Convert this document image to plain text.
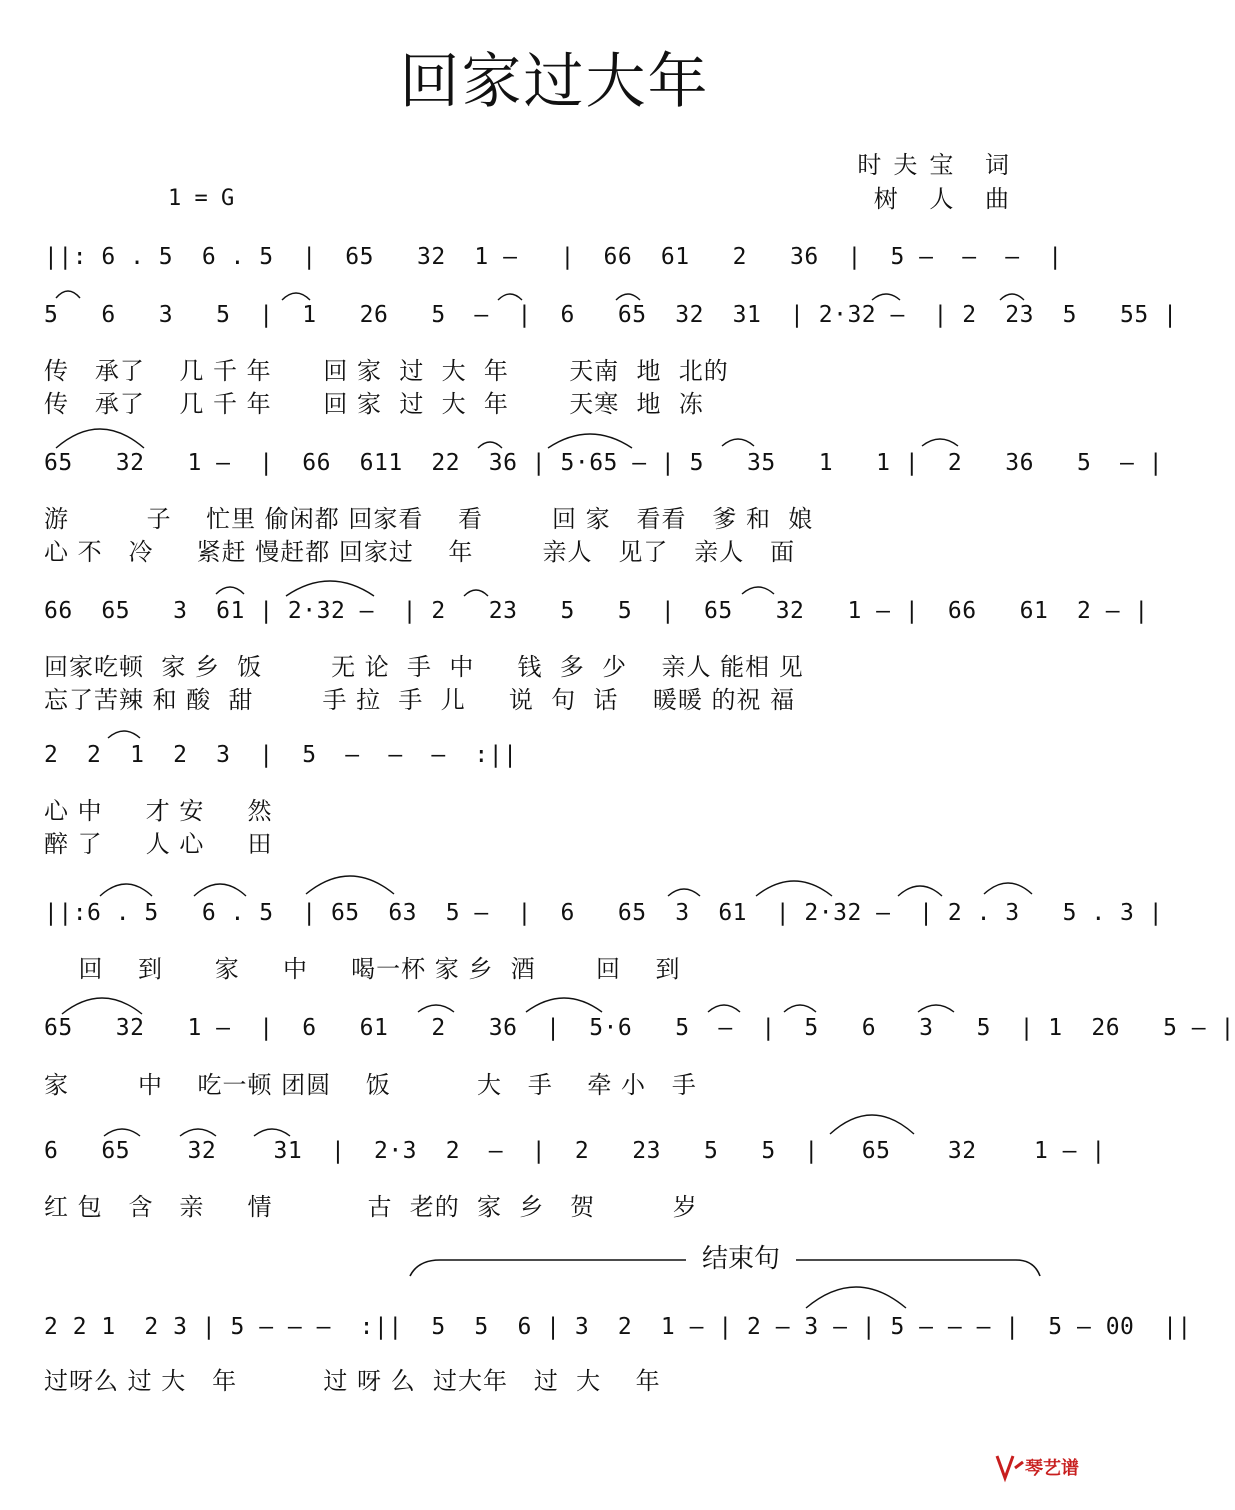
回家过大年
时夫宝 词
树 人 曲
1 = G
||: 6 . 5  6 . 5  |  65   32  1 –   |  66  61   2   36  |  5 –  –  –  |
5   6   3   5  |  1   26   5  –  |  6   65  32  31  | 2·32 –  | 2  23  5   55 |
传   承了    几 千 年      回 家  过  大  年       天南  地  北的
传   承了    几 千 年      回 家  过  大  年       天寒  地  冻
65   32   1 –  |  66  611  22  36 | 5·65 – | 5   35   1   1 |  2   36   5  – |
游         子    忙里 偷闲都 回家看    看        回 家   看看   爹 和  娘
心 不   冷     紧赶 慢赶都 回家过    年        亲人   见了   亲人   面
66  65   3  61 | 2·32 –  | 2   23   5   5  |  65   32   1 – |  66   61  2 – |
回家吃顿  家 乡  饭        无 论  手  中     钱  多  少    亲人 能相 见
忘了苦辣 和 酸  甜        手 拉  手  儿     说  句  话    暖暖 的祝 福
2  2  1  2  3  |  5  –  –  –  :||
心 中     才 安     然
醉 了     人 心     田
||:6 . 5   6 . 5  | 65  63  5 –  |  6   65  3  61  | 2·32 –  | 2 . 3   5 . 3 |
回    到      家     中     喝一杯 家 乡  酒       回    到
65   32   1 –  |  6   61   2   36  |  5·6   5  –  |  5   6   3   5  | 1  26   5 – |
家        中    吃一顿 团圆    饭          大   手    牵 小   手
6   65    32    31  |  2·3  2  –  |  2   23   5   5  |   65    32    1 – |
红 包   含   亲     情           古  老的  家  乡   贺         岁
结束句
2 2 1  2 3 | 5 – – –  :||  5  5  6 | 3  2  1 – | 2 – 3 – | 5 – – – |  5 – 00  ||
过呀么 过 大   年          过 呀 么  过大年   过  大    年
琴艺谱
